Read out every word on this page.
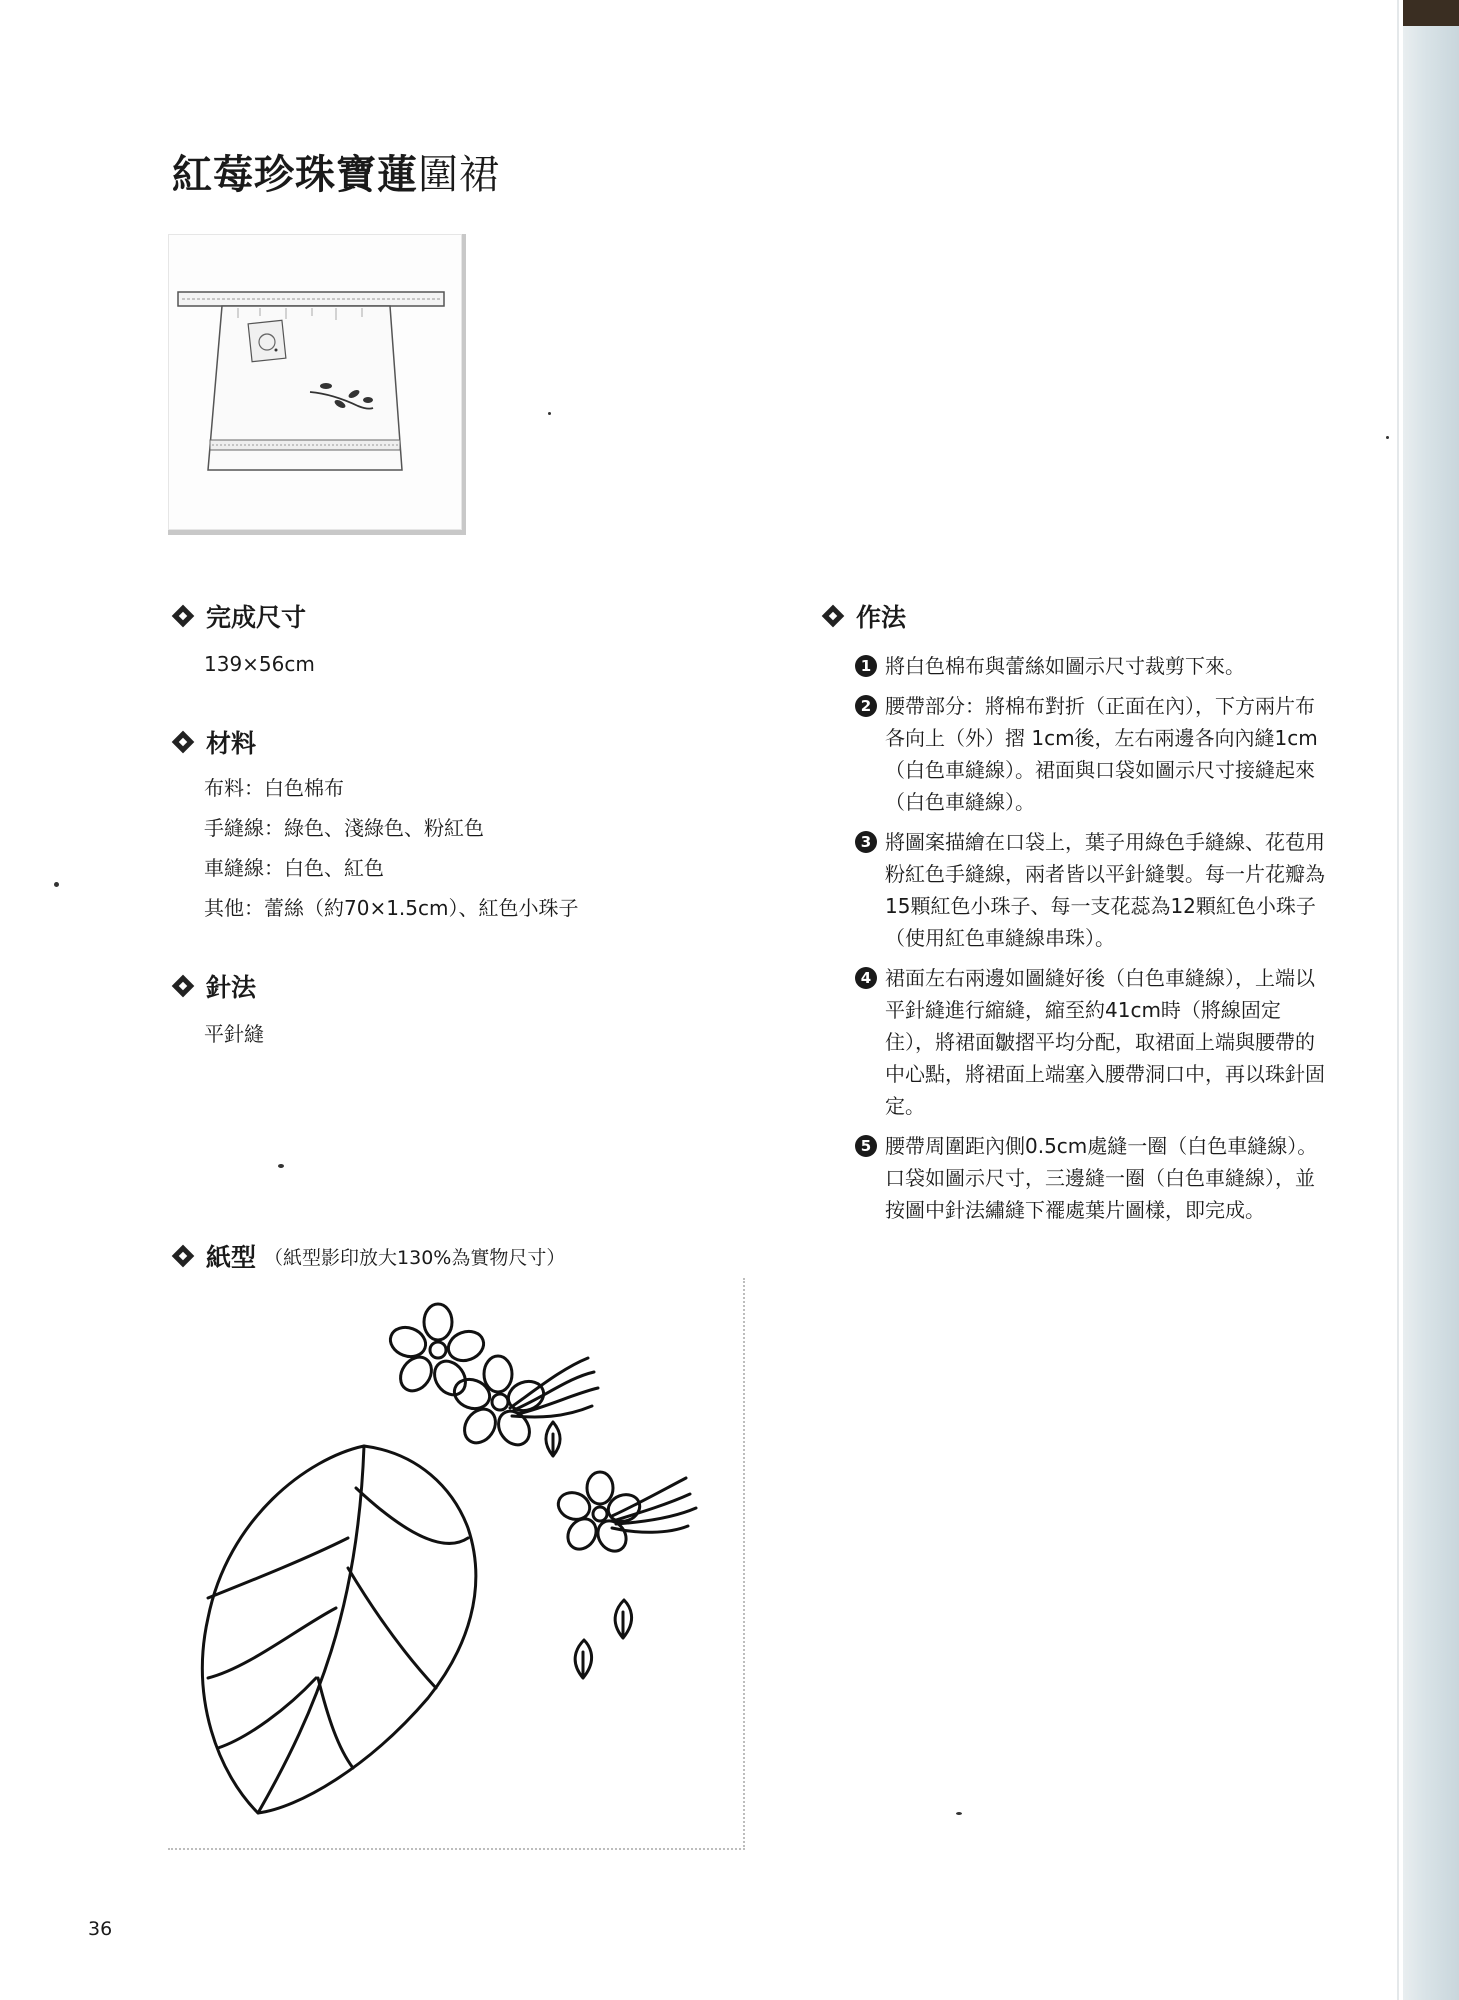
紅莓珍珠寶蓮圍裙
完成尺寸
139×56cm
材料

布料：白色棉布

手縫線：綠色、淺綠色、粉紅色

車縫線：白色、紅色

其他：蕾絲（約70×1.5cm）、紅色小珠子

針法
平針縫
紙型 （紙型影印放大130%為實物尺寸）
作法
1 將白色棉布與蕾絲如圖示尺寸裁剪下來。
2 腰帶部分：將棉布對折（正面在內），下方兩片布各向上（外）摺 1cm後，左右兩邊各向內縫1cm（白色車縫線）。裙面與口袋如圖示尺寸接縫起來（白色車縫線）。
3 將圖案描繪在口袋上，葉子用綠色手縫線、花苞用粉紅色手縫線，兩者皆以平針縫製。每一片花瓣為15顆紅色小珠子、每一支花蕊為12顆紅色小珠子（使用紅色車縫線串珠）。
4 裙面左右兩邊如圖縫好後（白色車縫線），上端以平針縫進行縮縫，縮至約41cm時（將線固定住），將裙面皺摺平均分配，取裙面上端與腰帶的中心點，將裙面上端塞入腰帶洞口中，再以珠針固定。
5 腰帶周圍距內側0.5cm處縫一圈（白色車縫線）。口袋如圖示尺寸，三邊縫一圈（白色車縫線），並按圖中針法繡縫下襬處葉片圖樣，即完成。
36
